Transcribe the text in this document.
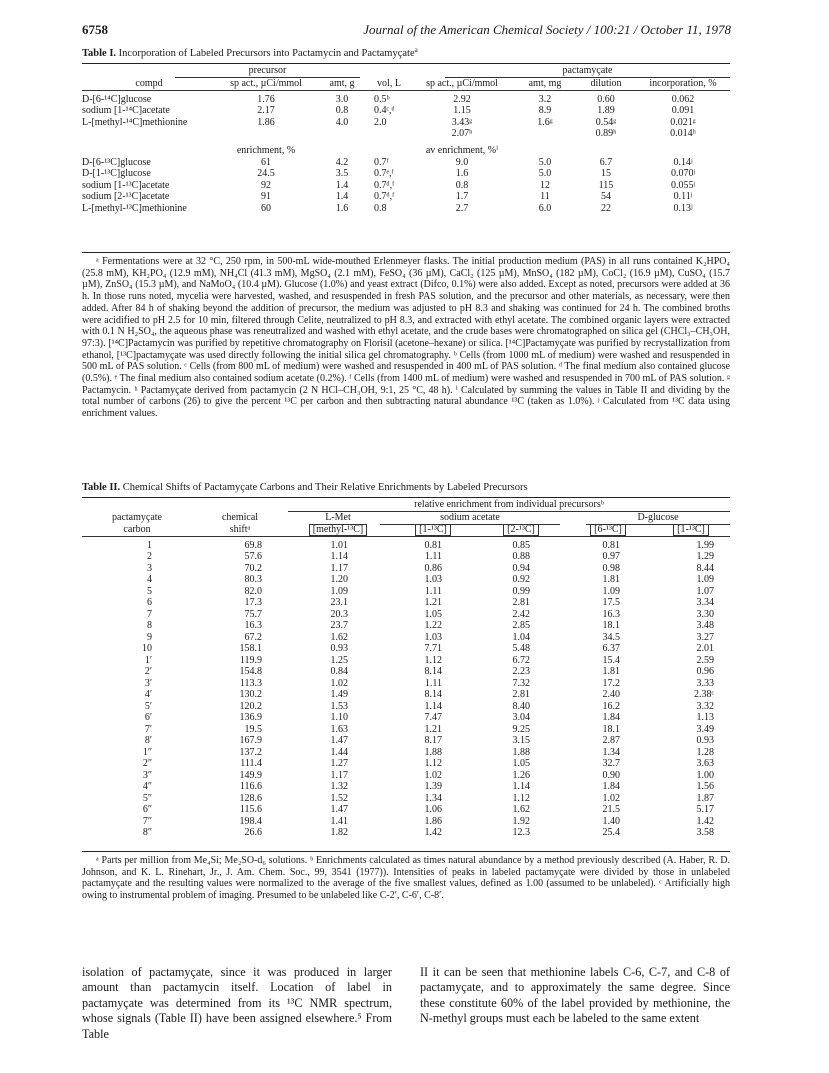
6758	Journal of the American Chemical Society / 100:21 / October 11, 1978
Table I. Incorporation of Labeled Precursors into Pactamycin and Pactamyçate$^a$
precursor	pactamyçate
compd	sp act., µCi/mmol	amt, g	vol, L	sp act., µCi/mmol	amt, mg	dilution	incorporation, %

D-[6-¹⁴C]glucose	1.76	3.0	0.5ᵇ	2.92	3.2	0.60	0.062
sodium [1-¹⁴C]acetate	2.17	0.8	0.4ᶜ,ᵈ	1.15	8.9	1.89	0.091
L-[methyl-¹⁴C]methionine	1.86	4.0	2.0	3.43ᵍ	1.6ᵍ	0.54ᵍ	0.021ᵍ
				2.07ʰ		0.89ʰ	0.014ʰ
	enrichment, %			av enrichment, %ⁱ			
D-[6-¹³C]glucose	61	4.2	0.7ᶠ	9.0	5.0	6.7	0.14ʲ
D-[1-¹³C]glucose	24.5	3.5	0.7ᵉ,ᶠ	1.6	5.0	15	0.070ʲ
sodium [1-¹³C]acetate	92	1.4	0.7ᵈ,ᶠ	0.8	12	115	0.055ʲ
sodium [2-¹³C]acetate	91	1.4	0.7ᵈ,ᶠ	1.7	11	54	0.11ʲ
L-[methyl-¹³C]methionine	60	1.6	0.8	2.7	6.0	22	0.13ʲ
ᵃ Fermentations were at 32 °C, 250 rpm, in 500-mL wide-mouthed Erlenmeyer flasks. The initial production medium (PAS) in all runs contained K₂HPO₄ (25.8 mM), KH₂PO₄ (12.9 mM), NH₄Cl (41.3 mM), MgSO₄ (2.1 mM), FeSO₄ (36 µM), CaCl₂ (125 µM), MnSO₄ (182 µM), CoCl₂ (16.9 µM), CuSO₄ (15.7 µM), ZnSO₄ (15.3 µM), and NaMoO₄ (10.4 µM). Glucose (1.0%) and yeast extract (Difco, 0.1%) were also added. Except as noted, precursors were added at 36 h. In those runs noted, mycelia were harvested, washed, and resuspended in fresh PAS solution, and the precursor and other materials, as necessary, were then added. After 84 h of shaking beyond the addition of precursor, the medium was adjusted to pH 8.3 and shaking was continued for 24 h. The combined broths were acidified to pH 2.5 for 10 min, filtered through Celite, neutralized to pH 8.3, and extracted with ethyl acetate. The combined organic layers were extracted with 0.1 N H₂SO₄, the aqueous phase was reneutralized and washed with ethyl acetate, and the crude bases were chromatographed on silica gel (CHCl₃–CH₃OH, 97:3). [¹⁴C]Pactamycin was purified by repetitive chromatography on Florisil (acetone–hexane) or silica. [¹⁴C]Pactamyçate was purified by recrystallization from ethanol, [¹³C]pactamyçate was used directly following the initial silica gel chromatography. ᵇ Cells (from 1000 mL of medium) were washed and resuspended in 500 mL of PAS solution. ᶜ Cells (from 800 mL of medium) were washed and resuspended in 400 mL of PAS solution. ᵈ The final medium also contained glucose (0.5%). ᵉ The final medium also contained sodium acetate (0.2%). ᶠ Cells (from 1400 mL of medium) were washed and resuspended in 700 mL of PAS solution. ᵍ Pactamycin. ʰ Pactamyçate derived from pactamycin (2 N HCl–CH₃OH, 9:1, 25 °C, 48 h). ⁱ Calculated by summing the values in Table II and dividing by the total number of carbons (26) to give the percent ¹³C per carbon and then subtracting natural abundance ¹³C (taken as 1.0%). ʲ Calculated from ¹³C data using enrichment values.
Table II. Chemical Shifts of Pactamyçate Carbons and Their Relative Enrichments by Labeled Precursors
relative enrichment from individual precursorsᵇ
sodium acetate	D-glucose
pactamyçate	chemical	L-Met				
carbon	shiftᵃ	[methyl-¹³C]	[1-¹³C]	[2-¹³C]	[6-¹³C]	[1-¹³C]

1	69.8	1.01	0.81	0.85	0.81	1.99
2	57.6	1.14	1.11	0.88	0.97	1.29
3	70.2	1.17	0.86	0.94	0.98	8.44
4	80.3	1.20	1.03	0.92	1.81	1.09
5	82.0	1.09	1.11	0.99	1.09	1.07
6	17.3	23.1	1.21	2.81	17.5	3.34
7	75.7	20.3	1.05	2.42	16.3	3.30
8	16.3	23.7	1.22	2.85	18.1	3.48
9	67.2	1.62	1.03	1.04	34.5	3.27
10	158.1	0.93	7.71	5.48	6.37	2.01
1′	119.9	1.25	1.12	6.72	15.4	2.59
2′	154.8	0.84	8.14	2.23	1.81	0.96
3′	113.3	1.02	1.11	7.32	17.2	3.33
4′	130.2	1.49	8.14	2.81	2.40	2.38ᶜ
5′	120.2	1.53	1.14	8.40	16.2	3.32
6′	136.9	1.10	7.47	3.04	1.84	1.13
7′	19.5	1.63	1.21	9.25	18.1	3.49
8′	167.9	1.47	8.17	3.15	2.87	0.93
1″	137.2	1.44	1.88	1.88	1.34	1.28
2″	111.4	1.27	1.12	1.05	32.7	3.63
3″	149.9	1.17	1.02	1.26	0.90	1.00
4″	116.6	1.32	1.39	1.14	1.84	1.56
5″	128.6	1.52	1.34	1.12	1.02	1.87
6″	115.6	1.47	1.06	1.62	21.5	5.17
7″	198.4	1.41	1.86	1.92	1.40	1.42
8″	26.6	1.82	1.42	12.3	25.4	3.58
ᵃ Parts per million from Me₄Si; Me₂SO-d₆ solutions. ᵇ Enrichments calculated as times natural abundance by a method previously described (A. Haber, R. D. Johnson, and K. L. Rinehart, Jr., J. Am. Chem. Soc., 99, 3541 (1977)). Intensities of peaks in labeled pactamyçate were divided by those in unlabeled pactamyçate and the resulting values were normalized to the average of the five smallest values, defined as 1.00 (assumed to be unlabeled). ᶜ Artificially high owing to instrumental problem of imaging. Presumed to be unlabeled like C-2′, C-6′, C-8′.
isolation of pactamyçate, since it was produced in larger amount than pactamycin itself. Location of label in pactamyçate was determined from its ¹³C NMR spectrum, whose signals (Table II) have been assigned elsewhere.⁵ From Table
II it can be seen that methionine labels C-6, C-7, and C-8 of pactamyçate, and to approximately the same degree. Since these constitute 60% of the label provided by methionine, the N-methyl groups must each be labeled to the same extent
